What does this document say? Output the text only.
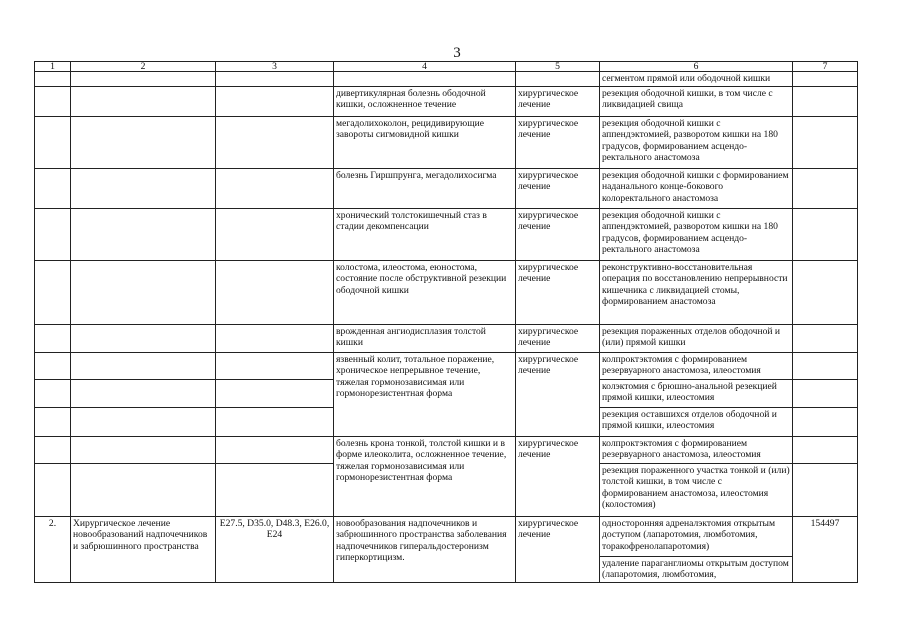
3
1	2	3	4	5	6	7
					сегментом прямой или ободочной кишки	
			дивертикулярная болезнь ободочной кишки, осложненное течение	хирургическое лечение	резекция ободочной кишки, в том числе с ликвидацией свища	
			мегадолихоколон, рецидивирующие завороты сигмовидной кишки	хирургическое лечение	резекция ободочной кишки с аппендэктомией, разворотом кишки на 180 градусов, формированием асцендо-ректального анастомоза	
			болезнь Гиршпрунга, мегадолихосигма	хирургическое лечение	резекция ободочной кишки с формированием наданального конце-бокового колоректального анастомоза	
			хронический толстокишечный стаз в стадии декомпенсации	хирургическое лечение	резекция ободочной кишки с аппендэктомией, разворотом кишки на 180 градусов, формированием асцендо-ректального анастомоза	
			колостома, илеостома, еюностома, состояние после обструктивной резекции ободочной кишки	хирургическое лечение	реконструктивно-восстановительная операция по восстановлению непрерывности кишечника с ликвидацией стомы, формированием анастомоза	
			врожденная ангиодисплазия толстой кишки	хирургическое лечение	резекция пораженных отделов ободочной и (или) прямой кишки	
			язвенный колит, тотальное поражение, хроническое непрерывное течение, тяжелая гормонозависимая или гормонорезистентная форма	хирургическое лечение	колпроктэктомия с формированием резервуарного анастомоза, илеостомия	
					колэктомия с брюшно-анальной резекцией прямой кишки, илеостомия	
					резекция оставшихся отделов ободочной и прямой кишки, илеостомия	
			болезнь крона тонкой, толстой кишки и в форме илеоколита, осложненное течение, тяжелая гормонозависимая или гормонорезистентная форма	хирургическое лечение	колпроктэктомия с формированием резервуарного анастомоза, илеостомия	
					резекция пораженного участка тонкой и (или) толстой кишки, в том числе с формированием анастомоза, илеостомия (колостомия)	
2.	Хирургическое лечение новообразований надпочечников и забрюшинного пространства	E27.5, D35.0, D48.3, E26.0, E24	новообразования надпочечников и забрюшинного пространства заболевания надпочечников гиперальдостеронизм гиперкортицизм.	хирургическое лечение	односторонняя адреналэктомия открытым доступом (лапаротомия, люмботомия, торакофренолапаротомия)	154497
					удаление параганглиомы открытым доступом (лапаротомия, люмботомия,	
